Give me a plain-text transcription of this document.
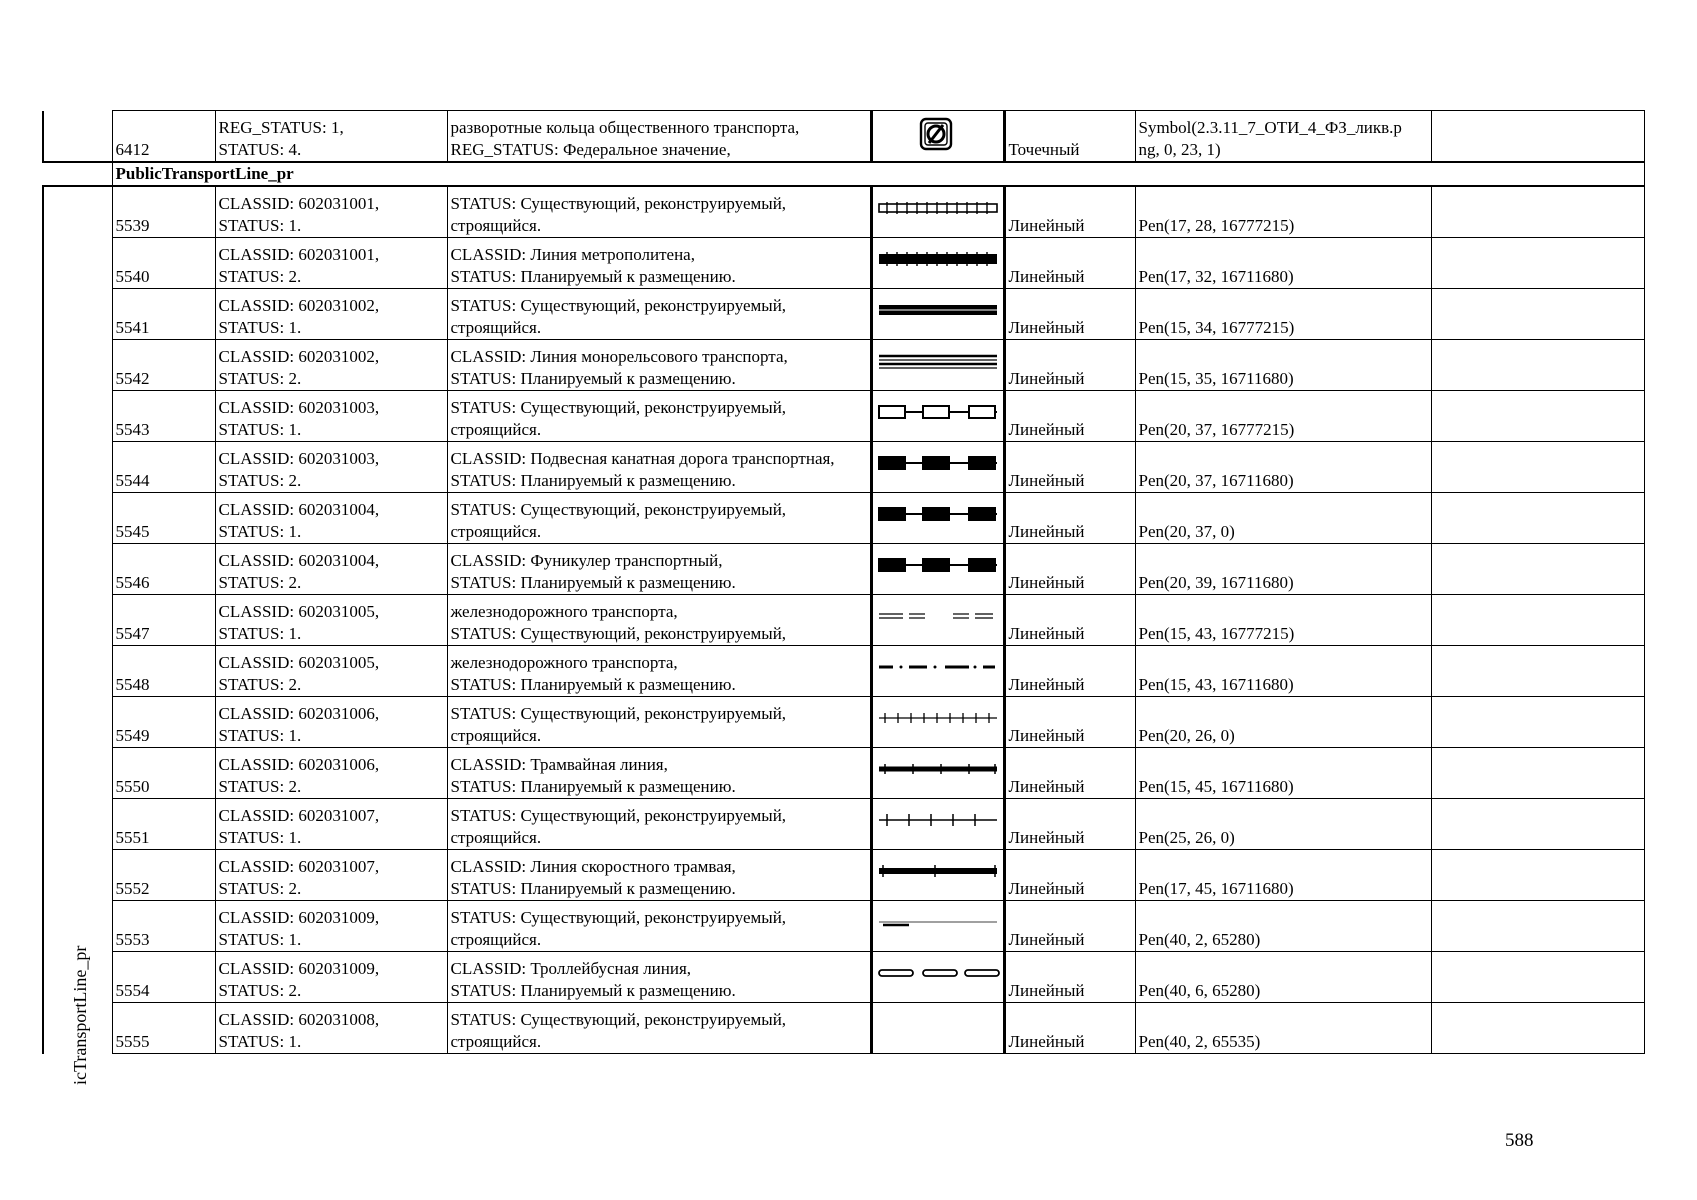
	6412	REG_STATUS: 1,
STATUS: 4.	разворотные кольца общественного транспорта,
REG_STATUS: Федеральное значение,		Точечный	Symbol(2.3.11_7_ОТИ_4_ФЗ_ликв.р
ng, 0, 23, 1)	

	PublicTransportLine_pr						
	5539	CLASSID: 602031001,
STATUS: 1.	STATUS: Существующий, реконструируемый,
строящийся.		Линейный	Pen(17, 28, 16777215)	
	5540	CLASSID: 602031001,
STATUS: 2.	CLASSID: Линия метрополитена,
STATUS: Планируемый к размещению.		Линейный	Pen(17, 32, 16711680)	
	5541	CLASSID: 602031002,
STATUS: 1.	STATUS: Существующий, реконструируемый,
строящийся.		Линейный	Pen(15, 34, 16777215)	
	5542	CLASSID: 602031002,
STATUS: 2.	CLASSID: Линия монорельсового транспорта,
STATUS: Планируемый к размещению.		Линейный	Pen(15, 35, 16711680)	
	5543	CLASSID: 602031003,
STATUS: 1.	STATUS: Существующий, реконструируемый,
строящийся.		Линейный	Pen(20, 37, 16777215)	
	5544	CLASSID: 602031003,
STATUS: 2.	CLASSID: Подвесная канатная дорога транспортная,
STATUS: Планируемый к размещению.		Линейный	Pen(20, 37, 16711680)	
	5545	CLASSID: 602031004,
STATUS: 1.	STATUS: Существующий, реконструируемый,
строящийся.		Линейный	Pen(20, 37, 0)	
	5546	CLASSID: 602031004,
STATUS: 2.	CLASSID: Фуникулер транспортный,
STATUS: Планируемый к размещению.		Линейный	Pen(20, 39, 16711680)	
	5547	CLASSID: 602031005,
STATUS: 1.	железнодорожного транспорта,
STATUS: Существующий, реконструируемый,		Линейный	Pen(15, 43, 16777215)	
	5548	CLASSID: 602031005,
STATUS: 2.	железнодорожного транспорта,
STATUS: Планируемый к размещению.		Линейный	Pen(15, 43, 16711680)	
	5549	CLASSID: 602031006,
STATUS: 1.	STATUS: Существующий, реконструируемый,
строящийся.		Линейный	Pen(20, 26, 0)	
	5550	CLASSID: 602031006,
STATUS: 2.	CLASSID: Трамвайная линия,
STATUS: Планируемый к размещению.		Линейный	Pen(15, 45, 16711680)	
	5551	CLASSID: 602031007,
STATUS: 1.	STATUS: Существующий, реконструируемый,
строящийся.		Линейный	Pen(25, 26, 0)	
	5552	CLASSID: 602031007,
STATUS: 2.	CLASSID: Линия скоростного трамвая,
STATUS: Планируемый к размещению.		Линейный	Pen(17, 45, 16711680)	
	5553	CLASSID: 602031009,
STATUS: 1.	STATUS: Существующий, реконструируемый,
строящийся.		Линейный	Pen(40, 2, 65280)	
	5554	CLASSID: 602031009,
STATUS: 2.	CLASSID: Троллейбусная линия,
STATUS: Планируемый к размещению.		Линейный	Pen(40, 6, 65280)	
	5555	CLASSID: 602031008,
STATUS: 1.	STATUS: Существующий, реконструируемый,
строящийся.		Линейный	Pen(40, 2, 65535)	
icTransportLine_pr
588
